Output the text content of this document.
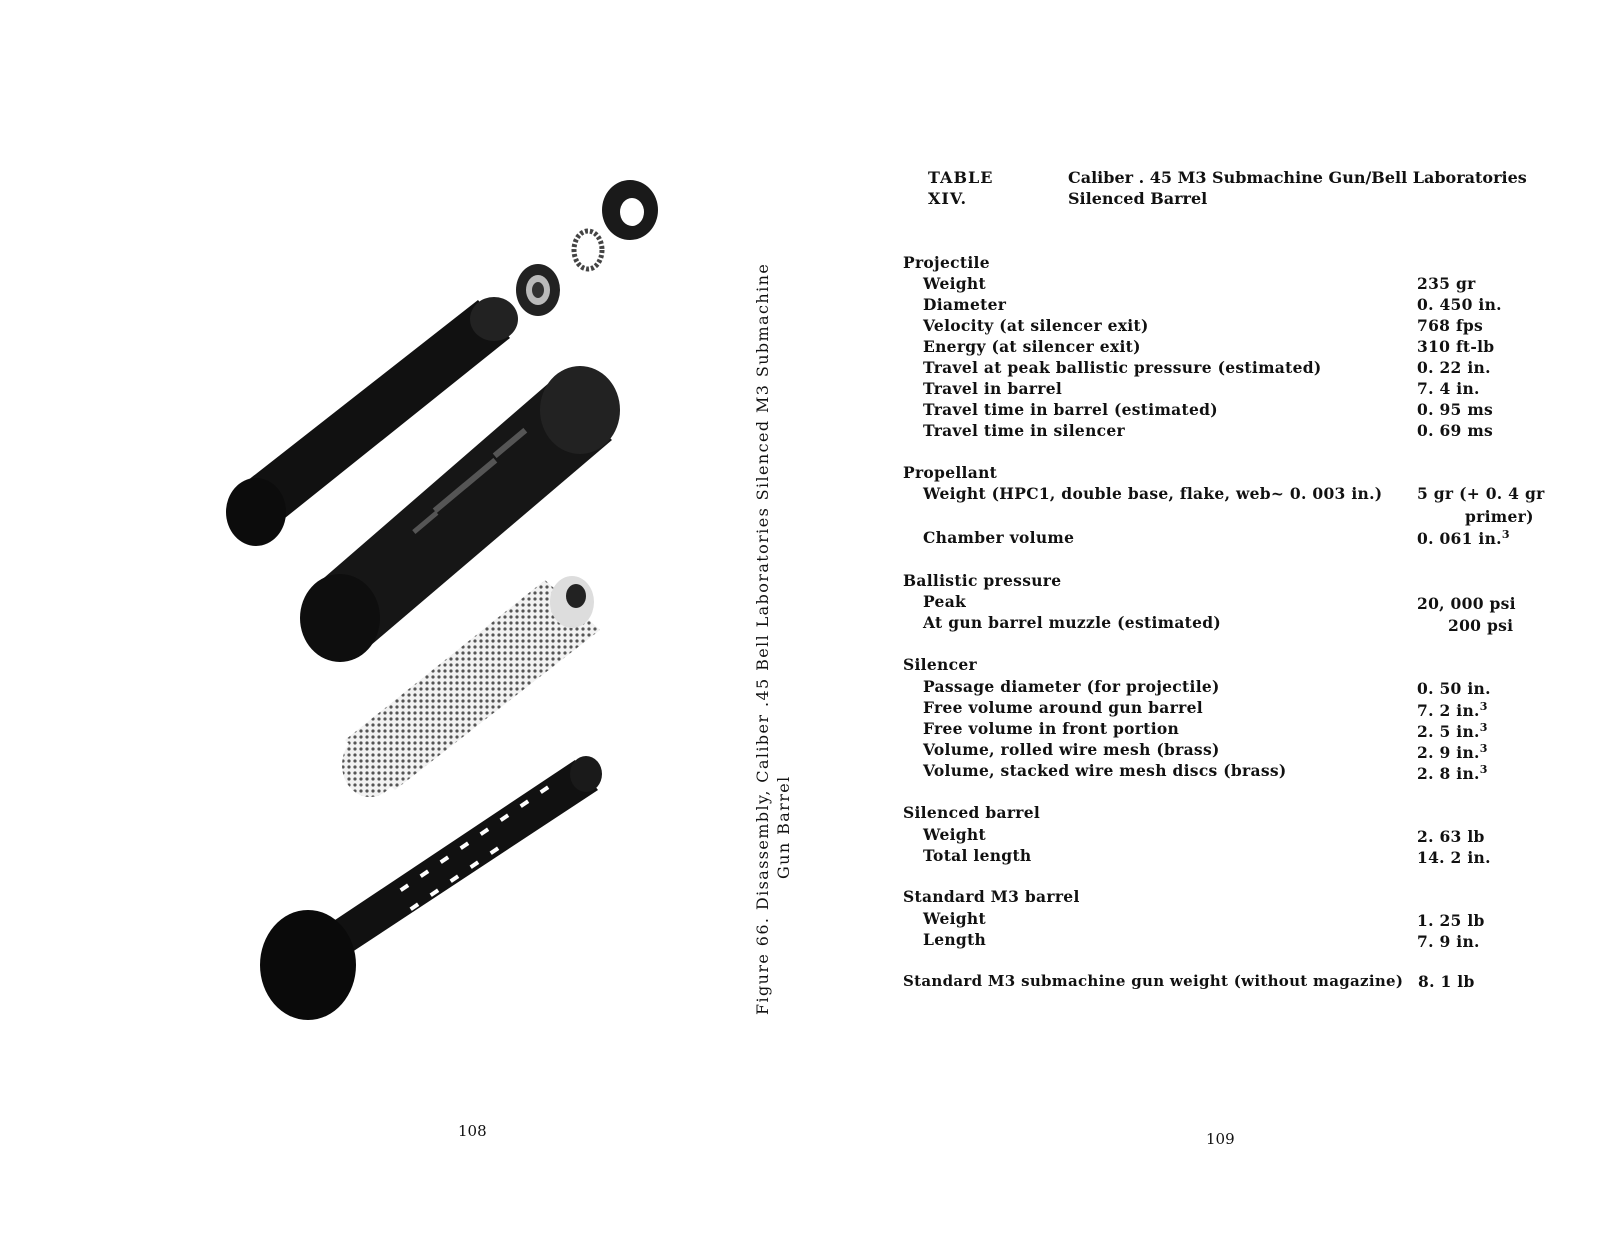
Figure 66. Disassembly, Caliber .45 Bell Laboratories Silenced M3 Submachine Gun Barrel
108	109
TABLE XIV.
Caliber . 45 M3 Submachine Gun/Bell Laboratories
Silenced Barrel
Projectile
Weight	235 gr
Diameter	0. 450 in.
Velocity (at silencer exit)	768 fps
Energy (at silencer exit)	310 ft-lb
Travel at peak ballistic pressure (estimated)	0. 22 in.
Travel in barrel	7. 4 in.
Travel time in barrel (estimated)	0. 95 ms
Travel time in silencer	0. 69 ms
Propellant
Weight (HPC1, double base, flake, web~ 0. 003 in.) 5 gr (+ 0. 4 gr
primer)
Chamber volume	0. 061 in.$^3$
Ballistic pressure
Peak	20, 000 psi
At gun barrel muzzle (estimated)	200 psi
Silencer
Passage diameter (for projectile)	0. 50 in.
Free volume around gun barrel	7. 2 in.$^3$
Free volume in front portion	2. 5 in.$^3$
Volume, rolled wire mesh (brass)	2. 9 in.$^3$
Volume, stacked wire mesh discs (brass)	2. 8 in.$^3$
Silenced barrel
Weight	2. 63 lb
Total length	14. 2 in.
Standard M3 barrel
Weight	1. 25 lb
Length	7. 9 in.
Standard M3 submachine gun weight (without magazine) 8. 1 lb
